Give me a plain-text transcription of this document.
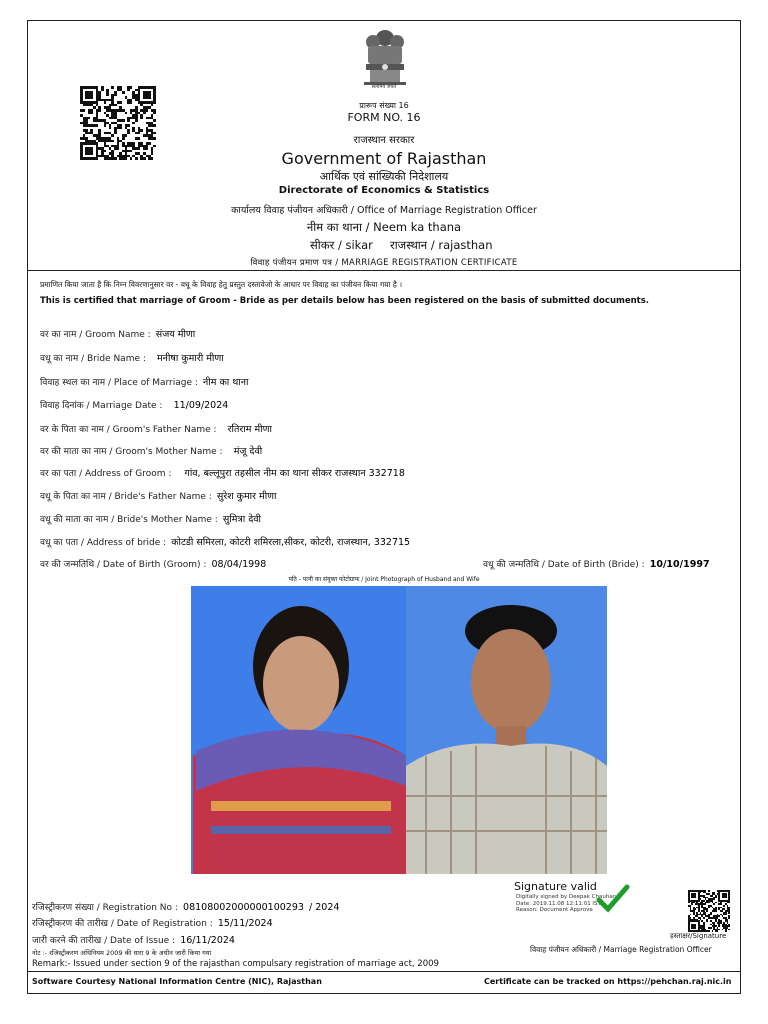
सत्यमेव जयते
प्रारूप संख्या 16
FORM NO. 16
राजस्थान सरकार
Government of Rajasthan
आर्थिक एवं सांख्यिकी निदेशालय
Directorate of Economics & Statistics
कार्यालय विवाह पंजीयन अधिकारी / Office of Marriage Registration Officer
नीम का थाना / Neem ka thana
सीकर / sikar राजस्थान / rajasthan
विवाह पंजीयन प्रमाण पत्र / MARRIAGE REGISTRATION CERTIFICATE
प्रमाणित किया जाता है कि निम्न विवरणानुसार वर - वधू के विवाह हेतु प्रस्तुत दस्तावेजो के आधार पर विवाह का पंजीयन किया गया है ।
This is certified that marriage of Groom - Bride as per details below has been registered on the basis of submitted documents.
वर का नाम / Groom Name : संजय मीणा
वधू का नाम / Bride Name : मनीषा कुमारी मीणा
विवाह स्थल का नाम / Place of Marriage : नीम का थाना
विवाह दिनांक / Marriage Date : 11/09/2024
वर के पिता का नाम / Groom's Father Name : रतिराम मीणा
वर की माता का नाम / Groom's Mother Name : मंजू देवी
वर का पता / Address of Groom : गांव, बल्लूपुरा तहसील नीम का थाना सीकर राजस्थान 332718
वधू के पिता का नाम / Bride's Father Name : सुरेश कुमार मीणा
वधू की माता का नाम / Bride's Mother Name : सुमित्रा देवी
वधू का पता / Address of bride : कोटडी समिरला, कोटरी शमिरला,सीकर, कोटरी, राजस्थान, 332715
वर की जन्मतिथि / Date of Birth (Groom) : 08/04/1998	वधू की जन्मतिथि / Date of Birth (Bride) : 10/10/1997
पति - पत्नी का संयुक्त फोटोग्राफ / Joint Photograph of Husband and Wife
रजिस्ट्रीकरण संख्या / Registration No : 08108002000000100293 / 2024
रजिस्ट्रीकरण की तारीख / Date of Registration : 15/11/2024
जारी करने की तारीख / Date of Issue : 16/11/2024
Signature valid
Digitally signed by Deepak Chauhan
Date: 2019.11.08 12:11:01 IST
Reason: Document Approve
हस्ताक्षर/Signature
विवाह पंजीयन अधिकारी / Marriage Registration Officer
नोट :- रजिस्ट्रीकरण अधिनियम 2009 की धारा 9 के अधीन जारी किया गया
Remark:- Issued under section 9 of the rajasthan compulsary registration of marriage act, 2009
Software Courtesy National Information Centre (NIC), Rajasthan	Certificate can be tracked on https://pehchan.raj.nic.in
